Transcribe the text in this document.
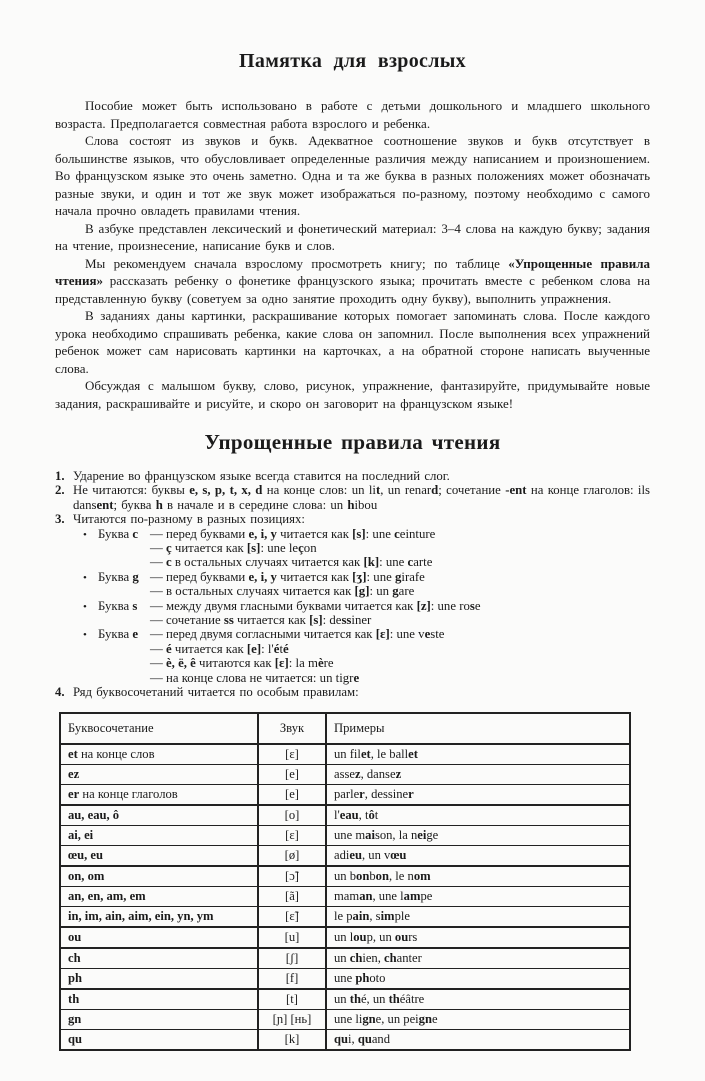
Памятка для взрослых

Пособие может быть использовано в работе с детьми дошкольного и младшего школьного возраста. Предполагается совместная работа взрослого и ребенка.

Слова состоят из звуков и букв. Адекватное соотношение звуков и букв отсутствует в большинстве языков, что обусловливает определенные различия между написанием и произношением. Во французском языке это очень заметно. Одна и та же буква в разных положениях может обозначать разные звуки, и один и тот же звук может изображаться по-разному, поэтому необходимо с самого начала прочно овладеть правилами чтения.

В азбуке представлен лексический и фонетический материал: 3–4 слова на каждую букву; задания на чтение, произнесение, написание букв и слов.

Мы рекомендуем сначала взрослому просмотреть книгу; по таблице «Упрощенные правила чтения» рассказать ребенку о фонетике французского языка; прочитать вместе с ребенком слова на представленную букву (советуем за одно занятие проходить одну букву), выполнить упражнения.

В заданиях даны картинки, раскрашивание которых помогает запоминать слова. После каждого урока необходимо спрашивать ребенка, какие слова он запомнил. После выполнения всех упражнений ребенок может сам нарисовать картинки на карточках, а на обратной стороне написать выученные слова.

Обсуждая с малышом букву, слово, рисунок, упражнение, фантазируйте, придумывайте новые задания, раскрашивайте и рисуйте, и скоро он заговорит на французском языке!

Упрощенные правила чтения
1. Ударение во французском языке всегда ставится на последний слог.
2. Не читаются: буквы e, s, p, t, x, d на конце слов: un lit, un renard; сочетание -ent на конце глаголов: ils dansent; буква h в начале и в середине слова: un hibou
3. Читаются по-разному в разных позициях:
• Буква c — перед буквами e, i, y читается как [s]: une ceinture
— ç читается как [s]: une leçon
— c в остальных случаях читается как [k]: une carte
• Буква g — перед буквами e, i, y читается как [ʒ]: une girafe
— в остальных случаях читается как [g]: un gare
• Буква s — между двумя гласными буквами читается как [z]: une rose
— сочетание ss читается как [s]: dessiner
• Буква e — перед двумя согласными читается как [ɛ]: une veste
— é читается как [e]: l'été
— è, ë, ê читаются как [ɛ]: la mère
— на конце слова не читается: un tigre
4. Ряд буквосочетаний читается по особым правилам:
Буквосочетание	Звук	Примеры
et на конце слов	[ɛ]	un filet, le ballet
ez	[e]	assez, dansez
er на конце глаголов	[e]	parler, dessiner
au, eau, ô	[o]	l'eau, tôt
ai, ei	[ɛ]	une maison, la neige
œu, eu	[ø]	adieu, un vœu
on, om	[ɔ̃]	un bonbon, le nom
an, en, am, em	[ã]	maman, une lampe
in, im, ain, aim, ein, yn, ym	[ɛ̃]	le pain, simple
ou	[u]	un loup, un ours
ch	[ʃ]	un chien, chanter
ph	[f]	une photo
th	[t]	un thé, un théâtre
gn	[ɲ] [нь]	une ligne, un peigne
qu	[k]	qui, quand
